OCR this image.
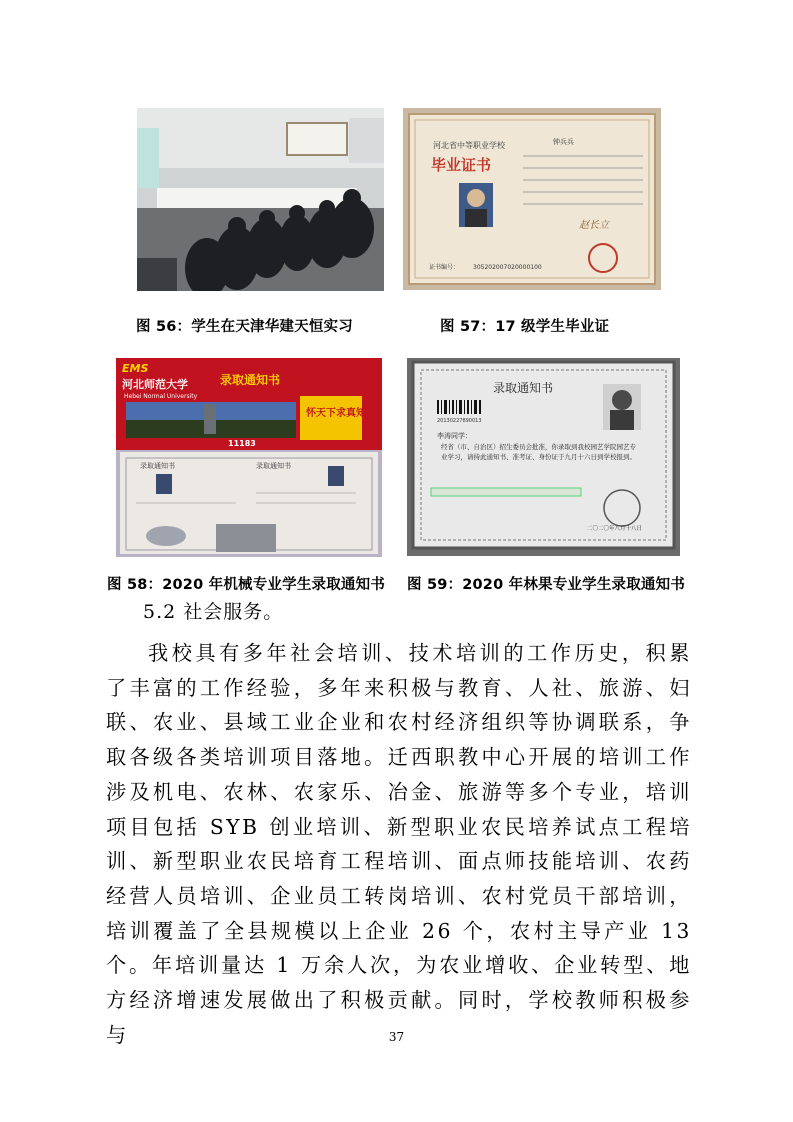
图 56：学生在天津华建天恒实习
河北省中等职业学校
毕业证书
钟兵兵
赵长立
证书编号： 305202007020000100
图 57：17 级学生毕业证
EMS
河北师范大学
Hebei Normal University
录取通知书
怀天下求真知
11183
录取通知书	录取通知书
图 58：2020 年机械专业学生录取通知书
录取通知书
20130227890013
李涛同学：
经省（市、自治区）招生委员会批准，你录取到我校园艺学院园艺专业学习，请持此通知书、准考证、身份证于九月十六日到学校报到。
二〇二〇年八月十八日
图 59：2020 年林果专业学生录取通知书
5.2 社会服务。
我校具有多年社会培训、技术培训的工作历史，积累了丰富的工作经验，多年来积极与教育、人社、旅游、妇联、农业、县域工业企业和农村经济组织等协调联系，争取各级各类培训项目落地。迁西职教中心开展的培训工作涉及机电、农林、农家乐、冶金、旅游等多个专业，培训项目包括 SYB 创业培训、新型职业农民培养试点工程培训、新型职业农民培育工程培训、面点师技能培训、农药经营人员培训、企业员工转岗培训、农村党员干部培训，培训覆盖了全县规模以上企业 26 个，农村主导产业 13 个。年培训量达 1 万余人次，为农业增收、企业转型、地方经济增速发展做出了积极贡献。同时，学校教师积极参与	37
